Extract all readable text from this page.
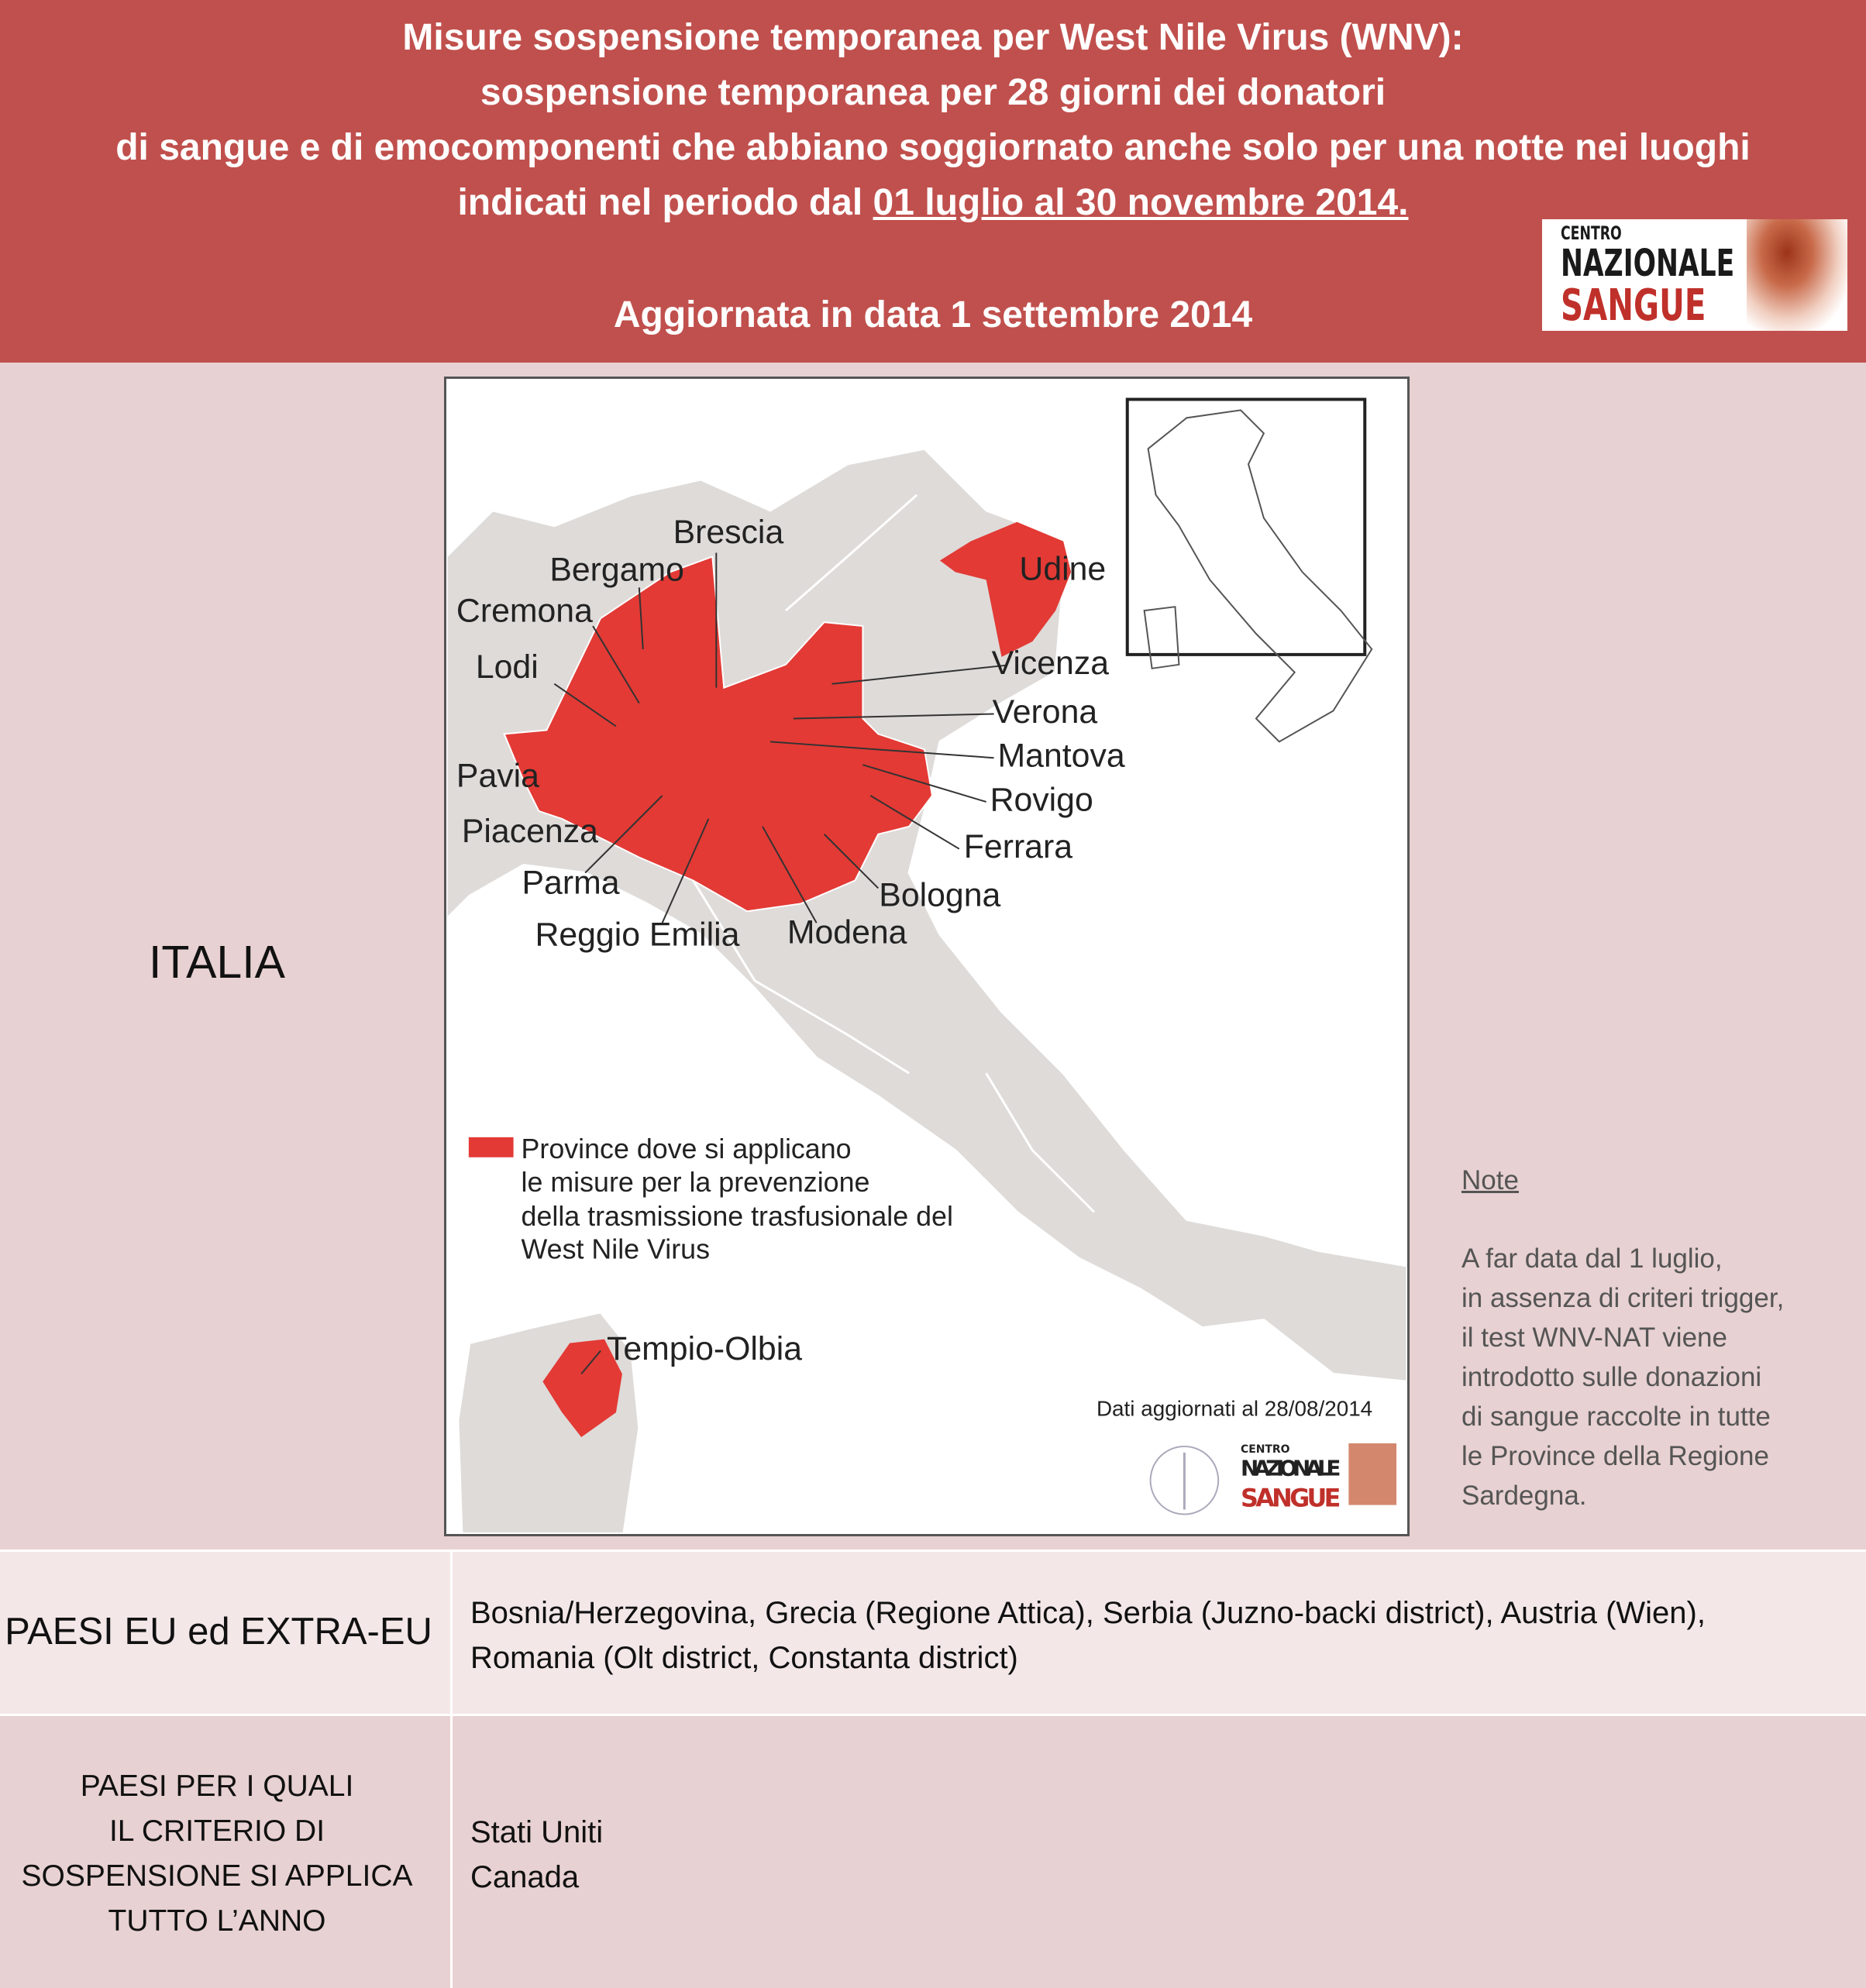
Misure sospensione temporanea per West Nile Virus (WNV):
sospensione temporanea per 28 giorni dei donatori
di sangue e di emocomponenti che abbiano soggiornato anche solo per una notte nei luoghi
indicati nel periodo dal 01 luglio al 30 novembre 2014.
Aggiornata in data 1 settembre 2014
CENTRO
NAZIONALE
SANGUE
ITALIA
Note
A far data dal 1 luglio,
in assenza di criteri trigger,
il test WNV-NAT viene
introdotto sulle donazioni
di sangue raccolte in tutte
le Province della Regione
Sardegna.
Brescia
Bergamo
Cremona
Lodi
Pavia
Piacenza
Parma
Reggio Emilia Modena
Bologna
Ferrara
Rovigo
Mantova
Verona
Vicenza
Udine
Tempio-Olbia
Province dove si applicano
le misure per la prevenzione
della trasmissione trasfusionale del
West Nile Virus
Dati aggiornati al 28/08/2014
CENTRO
NAZIONALE
SANGUE
PAESI EU ed EXTRA-EU	Bosnia/Herzegovina, Grecia (Regione Attica), Serbia (Juzno-backi district), Austria (Wien),
Romania (Olt district, Constanta district)
PAESI PER I QUALI
IL CRITERIO DI
SOSPENSIONE SI APPLICA
TUTTO L’ANNO
Stati Uniti
Canada
